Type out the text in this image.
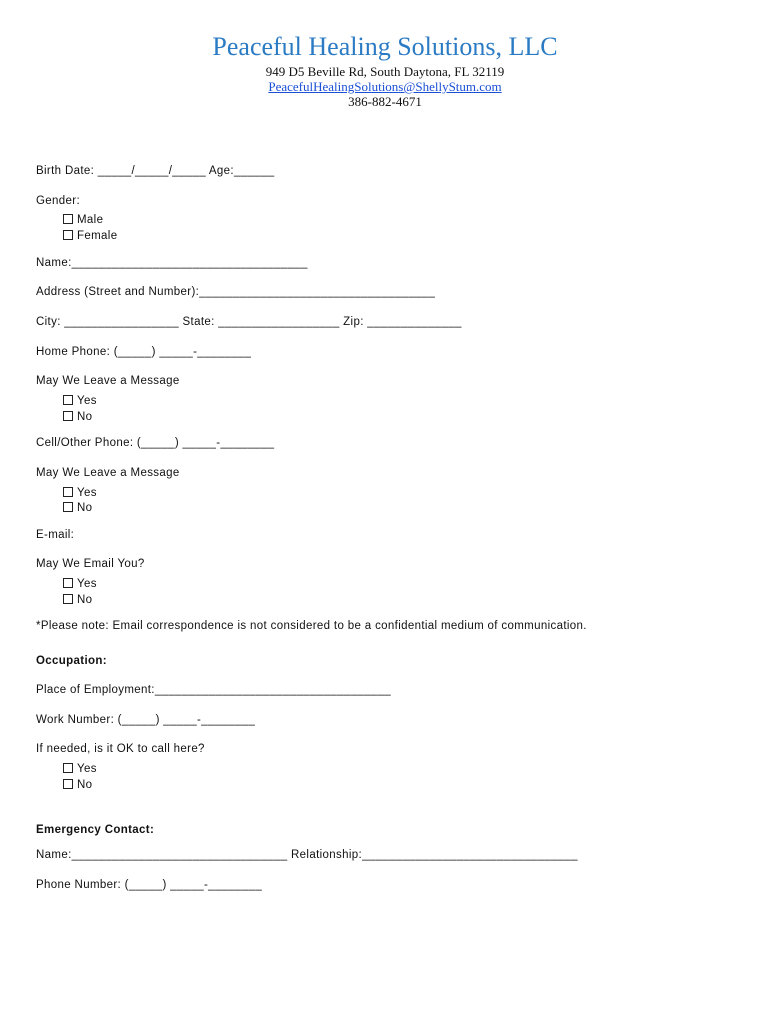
Peaceful Healing Solutions, LLC
949 D5 Beville Rd, South Daytona, FL 32119
PeacefulHealingSolutions@ShellyStum.com
386-882-4671
Birth Date: _____/_____/_____ Age:______
Gender:
Male
Female
Name:___________________________________
Address (Street and Number):___________________________________
City: _________________ State: __________________ Zip: ______________
Home Phone: (_____) _____-________
May We Leave a Message
Yes
No
Cell/Other Phone: (_____) _____-________
May We Leave a Message
Yes
No
E-mail:
May We Email You?
Yes
No
*Please note: Email correspondence is not considered to be a confidential medium of communication.
Occupation:
Place of Employment:___________________________________
Work Number: (_____) _____-________
If needed, is it OK to call here?
Yes
No
Emergency Contact:
Name:________________________________ Relationship:________________________________
Phone Number: (_____) _____-________
